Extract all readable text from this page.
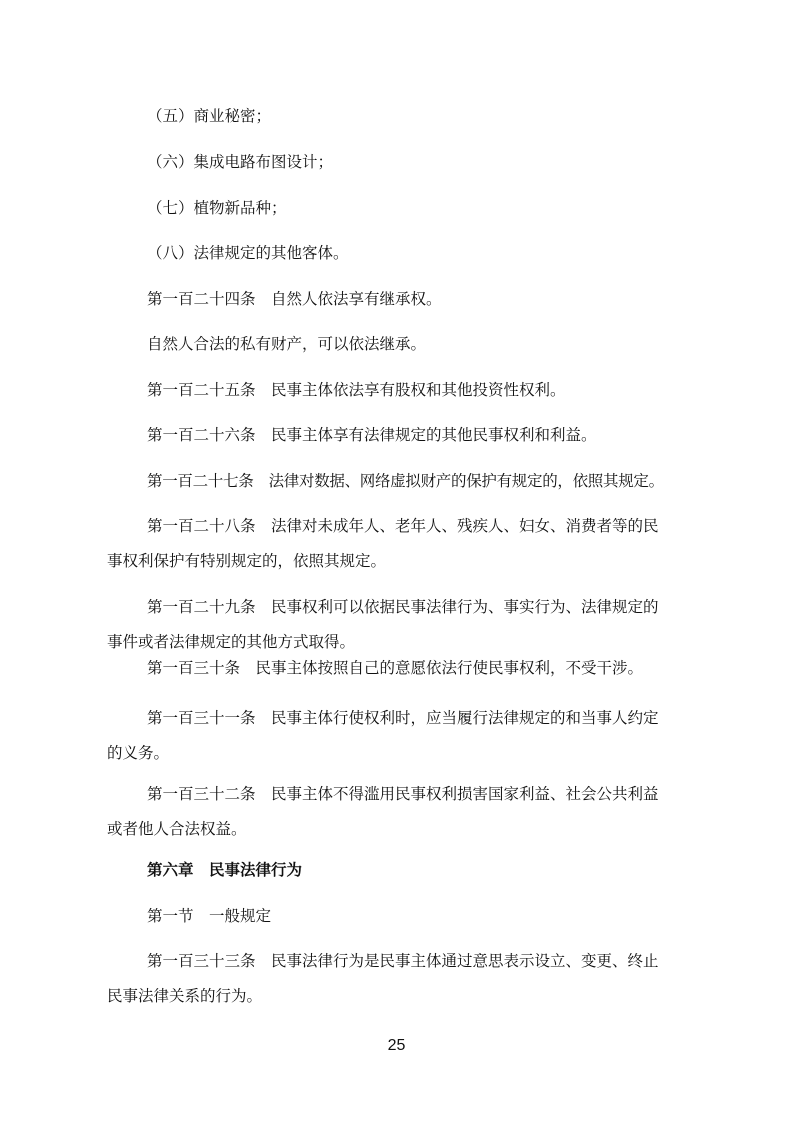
（五）商业秘密；

（六）集成电路布图设计；

（七）植物新品种；

（八）法律规定的其他客体。

第一百二十四条　自然人依法享有继承权。

自然人合法的私有财产，可以依法继承。

第一百二十五条　民事主体依法享有股权和其他投资性权利。

第一百二十六条　民事主体享有法律规定的其他民事权利和利益。

第一百二十七条　法律对数据、网络虚拟财产的保护有规定的，依照其规定。

第一百二十八条　法律对未成年人、老年人、残疾人、妇女、消费者等的民
事权利保护有特别规定的，依照其规定。

第一百二十九条　民事权利可以依据民事法律行为、事实行为、法律规定的
事件或者法律规定的其他方式取得。

第一百三十条　民事主体按照自己的意愿依法行使民事权利，不受干涉。

第一百三十一条　民事主体行使权利时，应当履行法律规定的和当事人约定
的义务。

第一百三十二条　民事主体不得滥用民事权利损害国家利益、社会公共利益
或者他人合法权益。

第六章　民事法律行为

第一节　一般规定

第一百三十三条　民事法律行为是民事主体通过意思表示设立、变更、终止
民事法律关系的行为。

25
